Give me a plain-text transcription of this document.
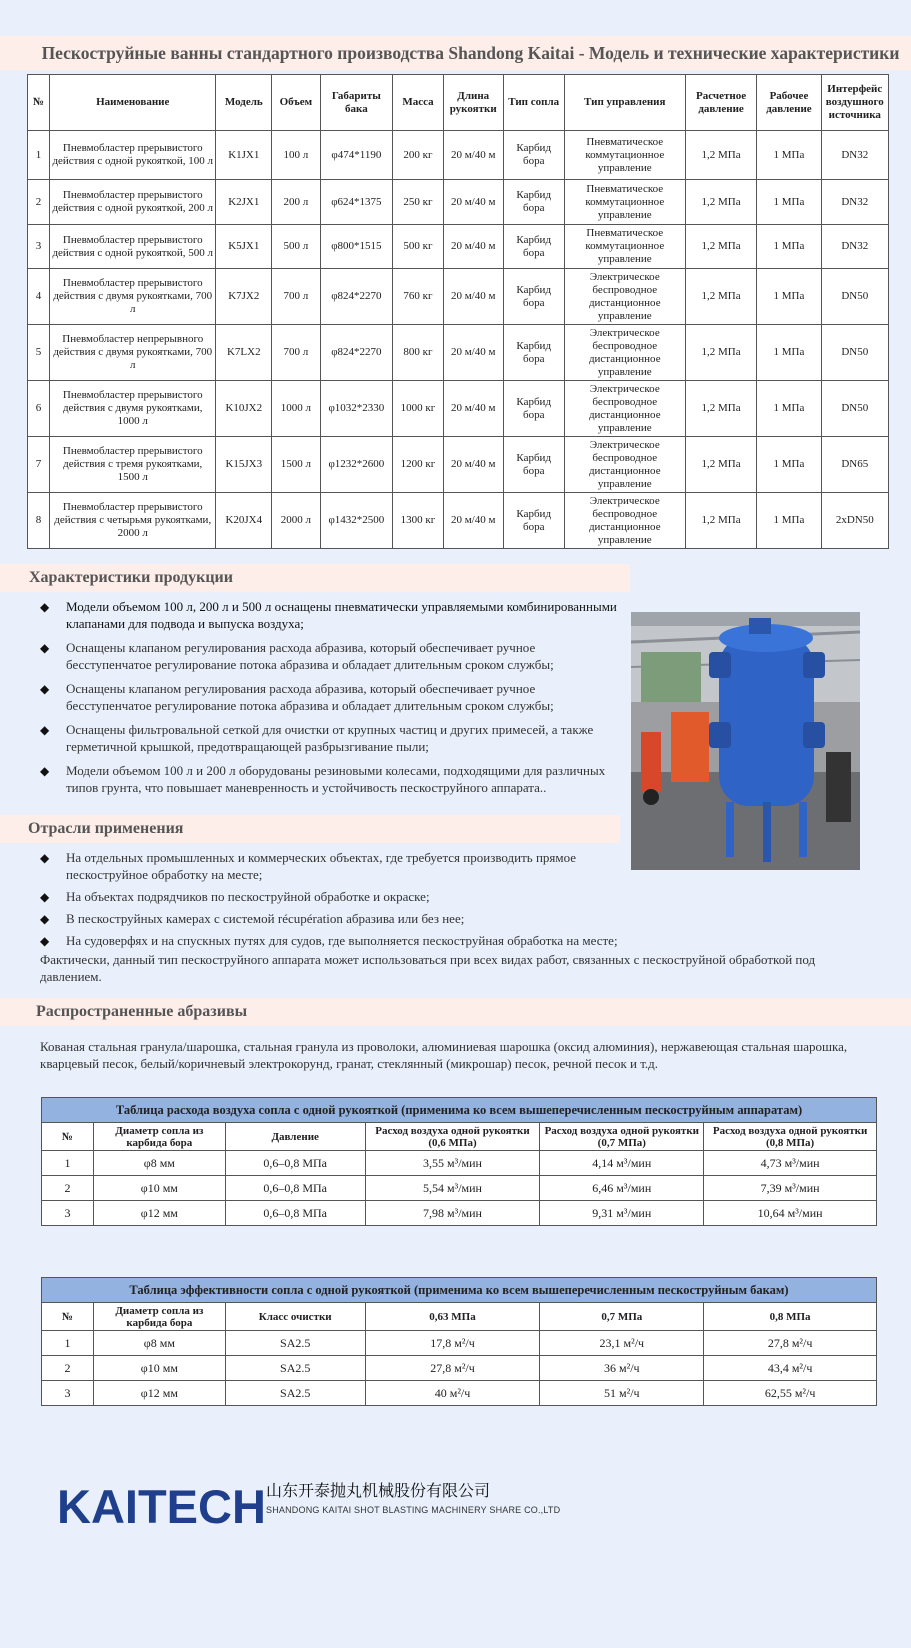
Пескоструйные ванны стандартного производства Shandong Kaitai - Модель и технические характеристики
№	Наименование	Модель	Объем	Габариты бака	Масса	Длина рукоятки	Тип сопла	Тип управления	Расчетное давление	Рабочее давление	Интерфейс воздушного источника
1	Пневмобластер прерывистого действия с одной рукояткой, 100 л	K1JX1	100 л	φ474*1190	200 кг	20 м/40 м	Карбид бора	Пневматическое коммутационное управление	1,2 МПа	1 МПа	DN32
2	Пневмобластер прерывистого действия с одной рукояткой, 200 л	K2JX1	200 л	φ624*1375	250 кг	20 м/40 м	Карбид бора	Пневматическое коммутационное управление	1,2 МПа	1 МПа	DN32
3	Пневмобластер прерывистого действия с одной рукояткой, 500 л	K5JX1	500 л	φ800*1515	500 кг	20 м/40 м	Карбид бора	Пневматическое коммутационное управление	1,2 МПа	1 МПа	DN32
4	Пневмобластер прерывистого действия с двумя рукоятками, 700 л	K7JX2	700 л	φ824*2270	760 кг	20 м/40 м	Карбид бора	Электрическое беспроводное дистанционное управление	1,2 МПа	1 МПа	DN50
5	Пневмобластер непрерывного действия с двумя рукоятками, 700 л	K7LX2	700 л	φ824*2270	800 кг	20 м/40 м	Карбид бора	Электрическое беспроводное дистанционное управление	1,2 МПа	1 МПа	DN50
6	Пневмобластер прерывистого действия с двумя рукоятками, 1000 л	K10JX2	1000 л	φ1032*2330	1000 кг	20 м/40 м	Карбид бора	Электрическое беспроводное дистанционное управление	1,2 МПа	1 МПа	DN50
7	Пневмобластер прерывистого действия с тремя рукоятками, 1500 л	K15JX3	1500 л	φ1232*2600	1200 кг	20 м/40 м	Карбид бора	Электрическое беспроводное дистанционное управление	1,2 МПа	1 МПа	DN65
8	Пневмобластер прерывистого действия с четырьмя рукоятками, 2000 л	K20JX4	2000 л	φ1432*2500	1300 кг	20 м/40 м	Карбид бора	Электрическое беспроводное дистанционное управление	1,2 МПа	1 МПа	2xDN50
Характеристики продукции
◆ Модели объемом 100 л, 200 л и 500 л оснащены пневматически управляемыми комбинированными клапанами для подвода и выпуска воздуха;
◆ Оснащены клапаном регулирования расхода абразива, который обеспечивает ручное бесступенчатое регулирование потока абразива и обладает длительным сроком службы;
◆ Оснащены клапаном регулирования расхода абразива, который обеспечивает ручное бесступенчатое регулирование потока абразива и обладает длительным сроком службы;
◆ Оснащены фильтровальной сеткой для очистки от крупных частиц и других примесей, а также герметичной крышкой, предотвращающей разбрызгивание пыли;
◆ Модели объемом 100 л и 200 л оборудованы резиновыми колесами, подходящими для различных типов грунта, что повышает маневренность и устойчивость пескоструйного аппарата..
Отрасли применения
◆ На отдельных промышленных и коммерческих объектах, где требуется производить прямое пескоструйное обработку на месте;
◆ На объектах подрядчиков по пескоструйной обработке и окраске;
◆ В пескоструйных камерах с системой récupération абразива или без нее;
◆ На судоверфях и на спускных путях для судов, где выполняется пескоструйная обработка на месте;

Фактически, данный тип пескоструйного аппарата может использоваться при всех видах работ, связанных с пескоструйной обработкой под давлением.

Распространенные абразивы

Кованая стальная гранула/шарошка, стальная гранула из проволоки, алюминиевая шарошка (оксид алюминия), нержавеющая стальная шарошка, кварцевый песок, белый/коричневый электрокорунд, гранат, стеклянный (микрошар) песок, речной песок и т.д.

Таблица расхода воздуха сопла с одной рукояткой (применима ко всем вышеперечисленным пескоструйным аппаратам)					
№	Диаметр сопла из карбида бора	Давление	Расход воздуха одной рукоятки (0,6 МПа)	Расход воздуха одной рукоятки (0,7 МПа)	Расход воздуха одной рукоятки (0,8 МПа)
1	φ8 мм	0,6–0,8 МПа	3,55 м³/мин	4,14 м³/мин	4,73 м³/мин
2	φ10 мм	0,6–0,8 МПа	5,54 м³/мин	6,46 м³/мин	7,39 м³/мин
3	φ12 мм	0,6–0,8 МПа	7,98 м³/мин	9,31 м³/мин	10,64 м³/мин
Таблица эффективности сопла с одной рукояткой (применима ко всем вышеперечисленным пескоструйным бакам)					
№	Диаметр сопла из карбида бора	Класс очистки	0,63 МПа	0,7 МПа	0,8 МПа
1	φ8 мм	SA2.5	17,8 м²/ч	23,1 м²/ч	27,8 м²/ч
2	φ10 мм	SA2.5	27,8 м²/ч	36 м²/ч	43,4 м²/ч
3	φ12 мм	SA2.5	40 м²/ч	51 м²/ч	62,55 м²/ч
KAITECH 山东开泰抛丸机械股份有限公司
SHANDONG KAITAI SHOT BLASTING MACHINERY SHARE CO.,LTD
